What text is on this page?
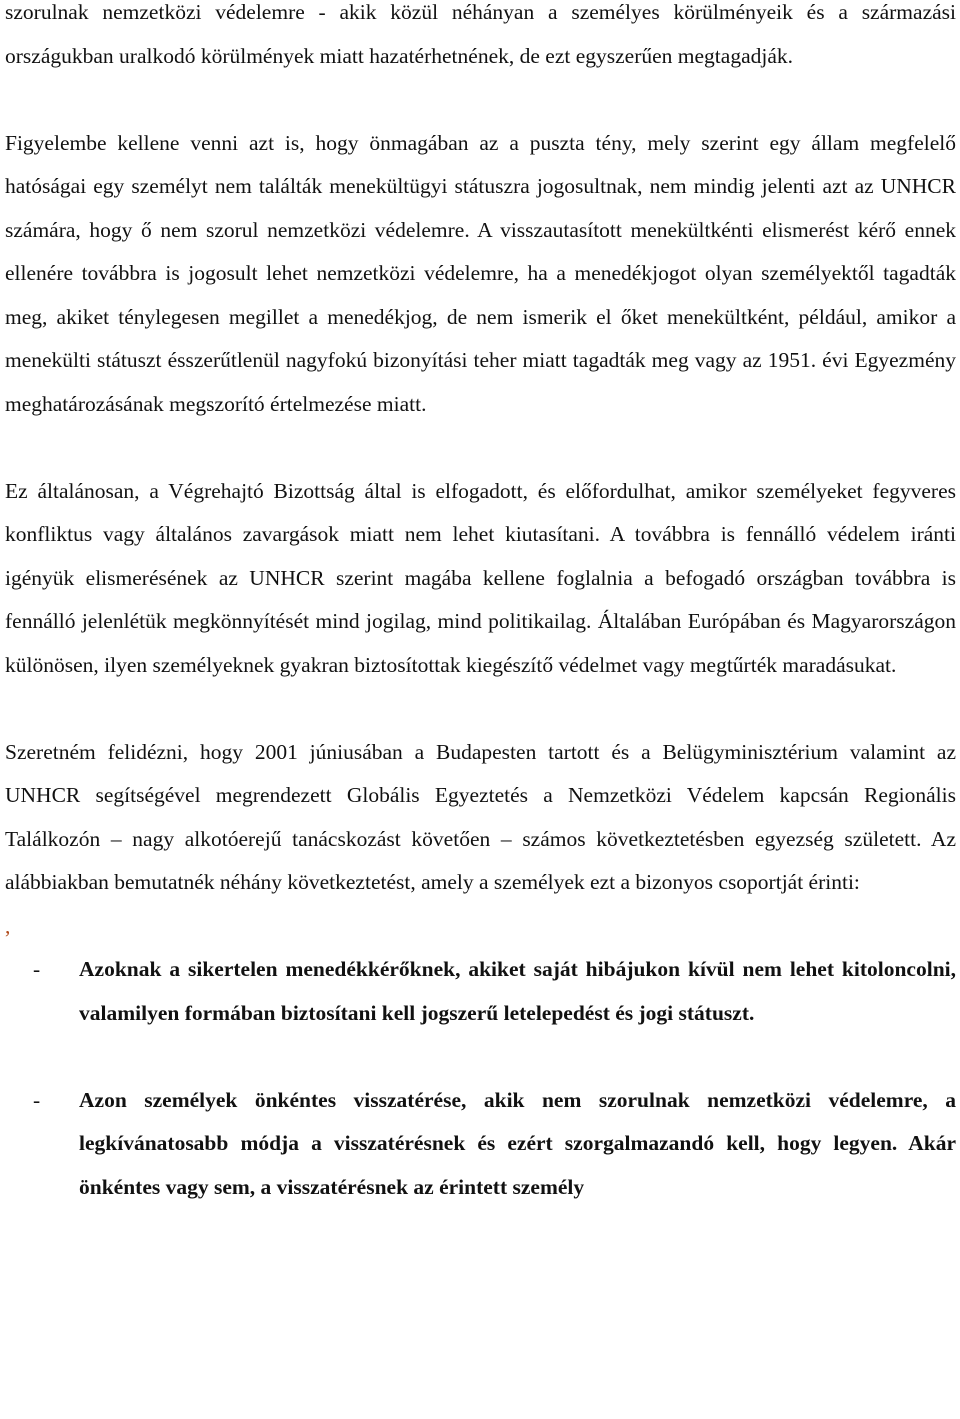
szorulnak nemzetközi védelemre - akik közül néhányan a személyes körülményeik és a származási országukban uralkodó körülmények miatt hazatérhetnének, de ezt egyszerűen megtagadják.

Figyelembe kellene venni azt is, hogy önmagában az a puszta tény, mely szerint egy állam megfelelő hatóságai egy személyt nem találták menekültügyi státuszra jogosultnak, nem mindig jelenti azt az UNHCR számára, hogy ő nem szorul nemzetközi védelemre. A visszautasított menekültkénti elismerést kérő ennek ellenére továbbra is jogosult lehet nemzetközi védelemre, ha a menedékjogot olyan személyektől tagadták meg, akiket ténylegesen megillet a menedékjog, de nem ismerik el őket menekültként, például, amikor a menekülti státuszt ésszerűtlenül nagyfokú bizonyítási teher miatt tagadták meg vagy az 1951. évi Egyezmény meghatározásának megszorító értelmezése miatt.

Ez általánosan, a Végrehajtó Bizottság által is elfogadott, és előfordulhat, amikor személyeket fegyveres konfliktus vagy általános zavargások miatt nem lehet kiutasítani. A továbbra is fennálló védelem iránti igényük elismerésének az UNHCR szerint magába kellene foglalnia a befogadó országban továbbra is fennálló jelenlétük megkönnyítését mind jogilag, mind politikailag. Általában Európában és Magyarországon különösen, ilyen személyeknek gyakran biztosítottak kiegészítő védelmet vagy megtűrték maradásukat.

Szeretném felidézni, hogy 2001 júniusában a Budapesten tartott és a Belügyminisztérium valamint az UNHCR segítségével megrendezett Globális Egyeztetés a Nemzetközi Védelem kapcsán Regionális Találkozón – nagy alkotóerejű tanácskozást követően – számos következtetésben egyezség született. Az alábbiakban bemutatnék néhány következtetést, amely a személyek ezt a bizonyos csoportját érinti:

,

-	Azoknak a sikertelen menedékkérőknek, akiket saját hibájukon kívül nem lehet kitoloncolni, valamilyen formában biztosítani kell jogszerű letelepedést és jogi státuszt.
-	Azon személyek önkéntes visszatérése, akik nem szorulnak nemzetközi védelemre, a legkívánatosabb módja a visszatérésnek és ezért szorgalmazandó kell, hogy legyen. Akár önkéntes vagy sem, a visszatérésnek az érintett személy
